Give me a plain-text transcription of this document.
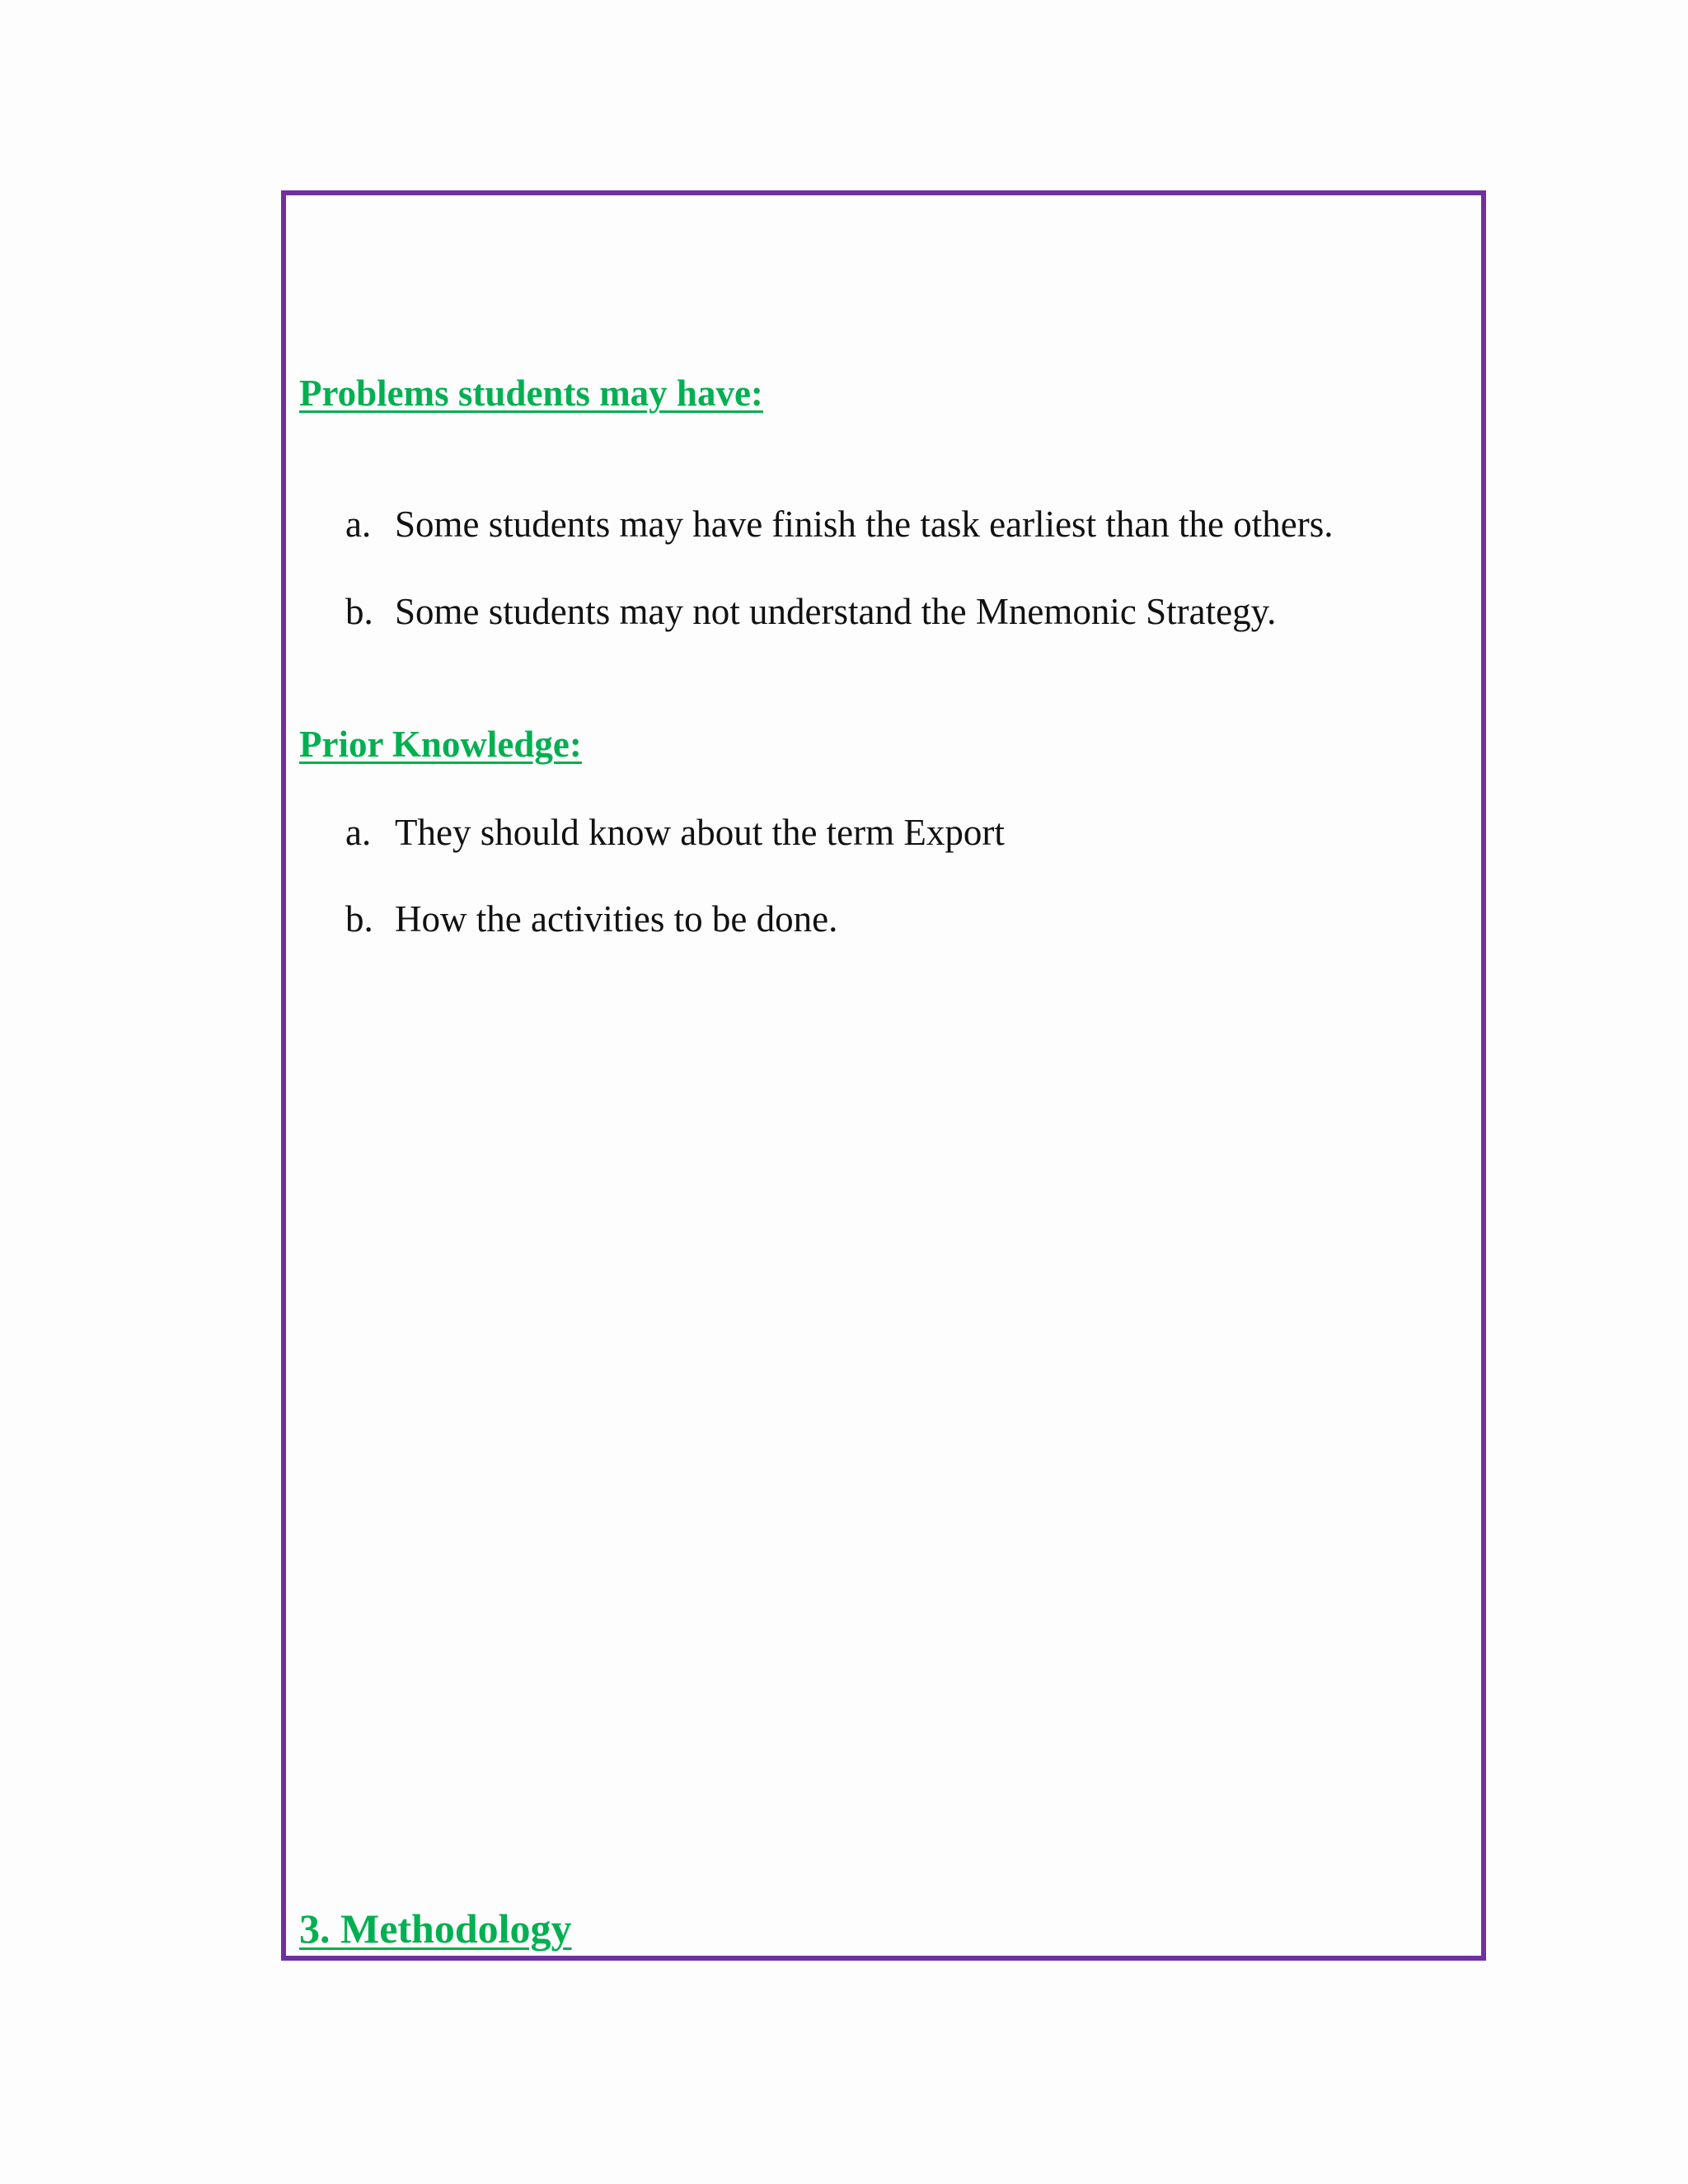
Problems students may have:
a. Some students may have finish the task earliest than the others.
b. Some students may not understand the Mnemonic Strategy.
Prior Knowledge:
a. They should know about the term Export
b. How the activities to be done.
3. Methodology
